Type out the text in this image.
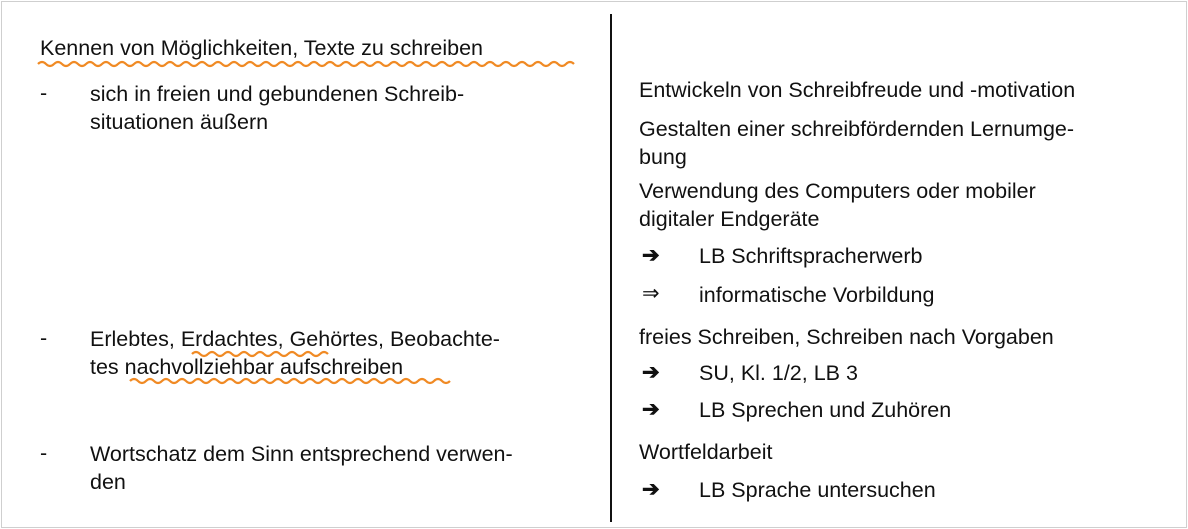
Kennen von Möglichkeiten, Texte zu schreiben
- sich in freien und gebundenen Schreib-
situationen äußern
- Erlebtes, Erdachtes, Gehörtes, Beobachte-
tes nachvollziehbar aufschreiben
- Wortschatz dem Sinn entsprechend verwen-
den
Entwickeln von Schreibfreude und -motivation
Gestalten einer schreibfördernden Lernumge-
bung
Verwendung des Computers oder mobiler
digitaler Endgeräte
➔ LB Schriftspracherwerb
⇒ informatische Vorbildung
freies Schreiben, Schreiben nach Vorgaben
➔ SU, Kl. 1/2, LB 3
➔ LB Sprechen und Zuhören
Wortfeldarbeit
➔ LB Sprache untersuchen
